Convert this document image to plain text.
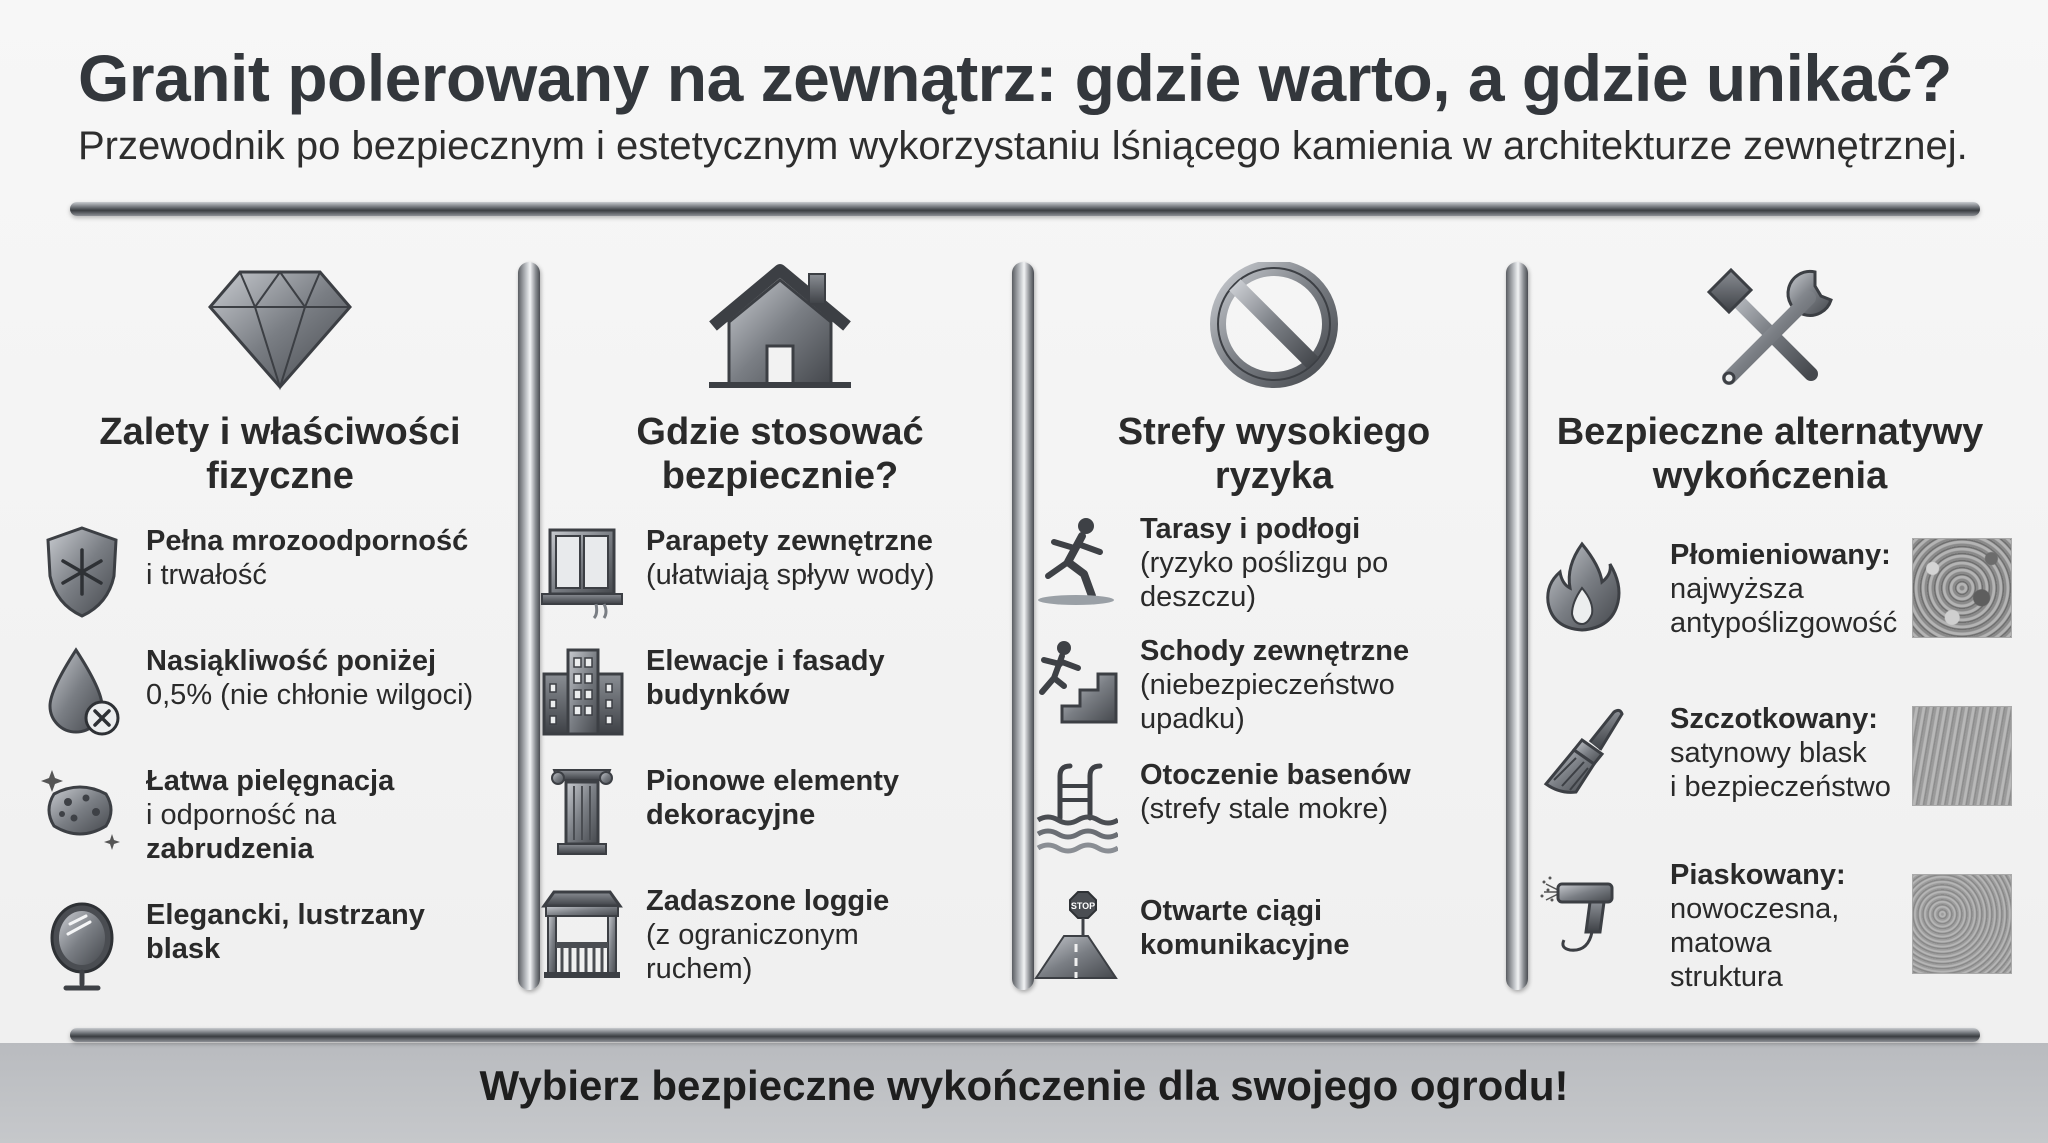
Granit polerowany na zewnątrz: gdzie warto, a gdzie unikać?
Przewodnik po bezpiecznym i estetycznym wykorzystaniu lśniącego kamienia w architekturze zewnętrznej.
Zalety i właściwości
fizyczne
Pełna mrozoodporność
i trwałość
Nasiąkliwość poniżej
0,5% (nie chłonie wilgoci)
Łatwa pielęgnacja
i odporność na
zabrudzenia
Elegancki, lustrzany
blask
Gdzie stosować
bezpiecznie?
Parapety zewnętrzne
(ułatwiają spływ wody)
Elewacje i fasady
budynków
Pionowe elementy
dekoracyjne
Zadaszone loggie
(z ograniczonym
ruchem)
Strefy wysokiego
ryzyka
Tarasy i podłogi
(ryzyko poślizgu po
deszczu)
Schody zewnętrzne
(niebezpieczeństwo
upadku)
Otoczenie basenów
(strefy stale mokre)
STOP Otwarte ciągi
komunikacyjne
Bezpieczne alternatywy
wykończenia
Płomieniowany:
najwyższa
antypoślizgowość
Szczotkowany:
satynowy blask
i bezpieczeństwo
Piaskowany:
nowoczesna,
matowa
struktura
Wybierz bezpieczne wykończenie dla swojego ogrodu!
